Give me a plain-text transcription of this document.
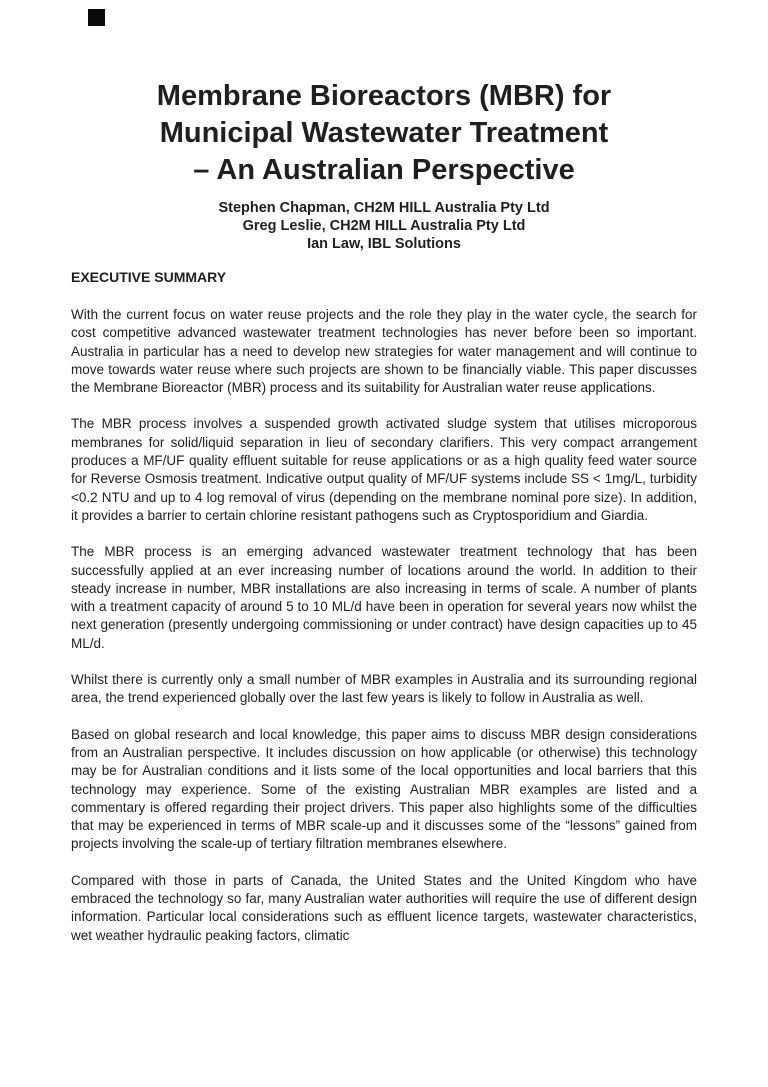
Membrane Bioreactors (MBR) for
Municipal Wastewater Treatment
– An Australian Perspective
Stephen Chapman, CH2M HILL Australia Pty Ltd
Greg Leslie, CH2M HILL Australia Pty Ltd
Ian Law, IBL Solutions
EXECUTIVE SUMMARY

With the current focus on water reuse projects and the role they play in the water cycle, the search for cost competitive advanced wastewater treatment technologies has never before been so important. Australia in particular has a need to develop new strategies for water management and will continue to move towards water reuse where such projects are shown to be financially viable. This paper discusses the Membrane Bioreactor (MBR) process and its suitability for Australian water reuse applications.

The MBR process involves a suspended growth activated sludge system that utilises microporous membranes for solid/liquid separation in lieu of secondary clarifiers. This very compact arrangement produces a MF/UF quality effluent suitable for reuse applications or as a high quality feed water source for Reverse Osmosis treatment. Indicative output quality of MF/UF systems include SS < 1mg/L, turbidity <0.2 NTU and up to 4 log removal of virus (depending on the membrane nominal pore size). In addition, it provides a barrier to certain chlorine resistant pathogens such as Cryptosporidium and Giardia.

The MBR process is an emerging advanced wastewater treatment technology that has been successfully applied at an ever increasing number of locations around the world. In addition to their steady increase in number, MBR installations are also increasing in terms of scale. A number of plants with a treatment capacity of around 5 to 10 ML/d have been in operation for several years now whilst the next generation (presently undergoing commissioning or under contract) have design capacities up to 45 ML/d.

Whilst there is currently only a small number of MBR examples in Australia and its surrounding regional area, the trend experienced globally over the last few years is likely to follow in Australia as well.

Based on global research and local knowledge, this paper aims to discuss MBR design considerations from an Australian perspective. It includes discussion on how applicable (or otherwise) this technology may be for Australian conditions and it lists some of the local opportunities and local barriers that this technology may experience. Some of the existing Australian MBR examples are listed and a commentary is offered regarding their project drivers. This paper also highlights some of the difficulties that may be experienced in terms of MBR scale-up and it discusses some of the “lessons” gained from projects involving the scale-up of tertiary filtration membranes elsewhere.

Compared with those in parts of Canada, the United States and the United Kingdom who have embraced the technology so far, many Australian water authorities will require the use of different design information. Particular local considerations such as effluent licence targets, wastewater characteristics, wet weather hydraulic peaking factors, climatic
